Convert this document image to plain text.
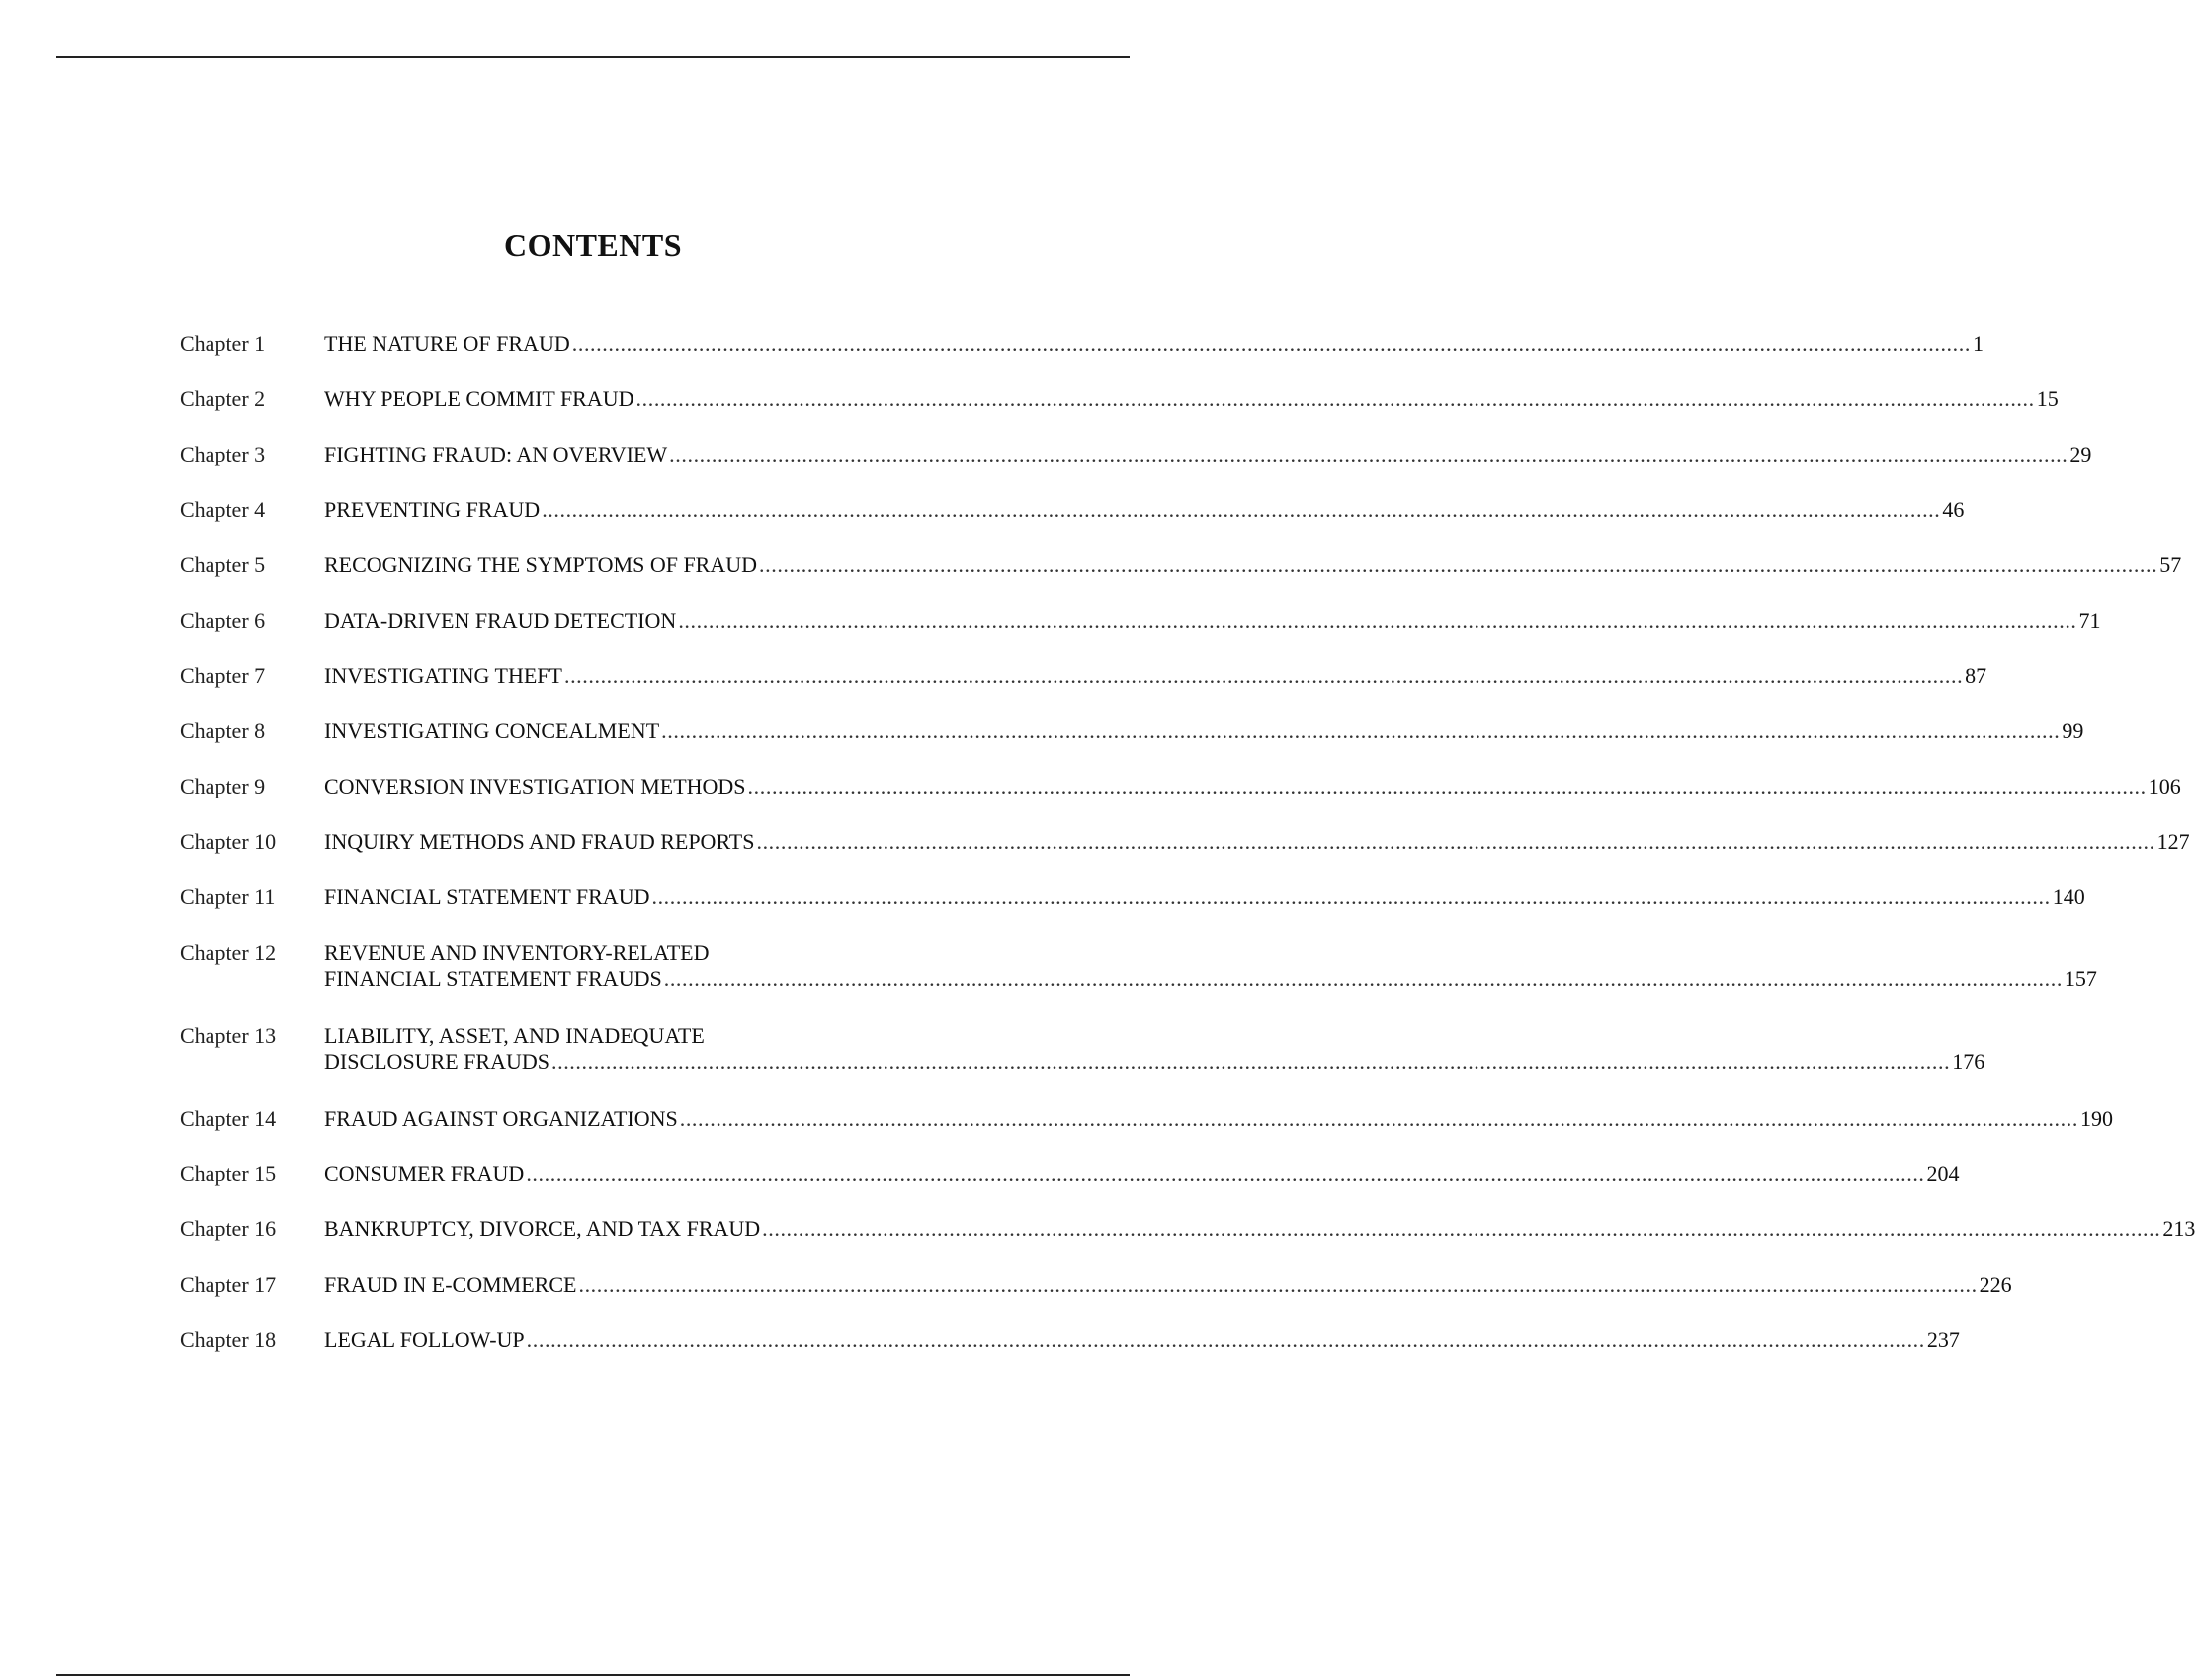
CONTENTS
Chapter 1	THE NATURE OF FRAUD .....	1
Chapter 2	WHY PEOPLE COMMIT FRAUD .....	15
Chapter 3	FIGHTING FRAUD: AN OVERVIEW .....	29
Chapter 4	PREVENTING FRAUD .....	46
Chapter 5	RECOGNIZING THE SYMPTOMS OF FRAUD .....	57
Chapter 6	DATA-DRIVEN FRAUD DETECTION .....	71
Chapter 7	INVESTIGATING THEFT .....	87
Chapter 8	INVESTIGATING CONCEALMENT .....	99
Chapter 9	CONVERSION INVESTIGATION METHODS .....	106
Chapter 10	INQUIRY METHODS AND FRAUD REPORTS .....	127
Chapter 11	FINANCIAL STATEMENT FRAUD .....	140
Chapter 12	REVENUE AND INVENTORY-RELATED
FINANCIAL STATEMENT FRAUDS .....	157
Chapter 13	LIABILITY, ASSET, AND INADEQUATE
DISCLOSURE FRAUDS .....	176
Chapter 14	FRAUD AGAINST ORGANIZATIONS .....	190
Chapter 15	CONSUMER FRAUD .....	204
Chapter 16	BANKRUPTCY, DIVORCE, AND TAX FRAUD .....	213
Chapter 17	FRAUD IN E-COMMERCE .....	226
Chapter 18	LEGAL FOLLOW-UP .....	237
